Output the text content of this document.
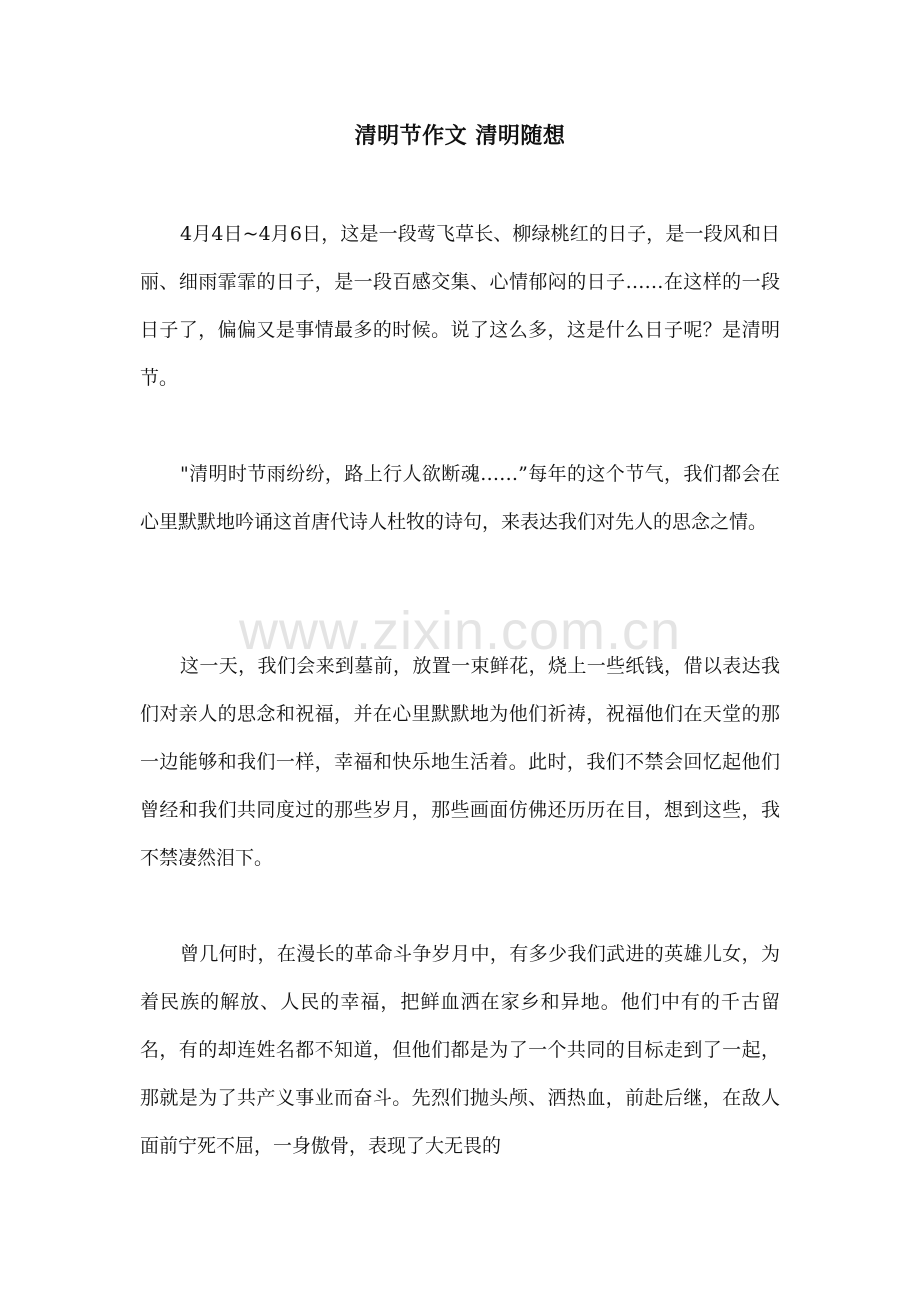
清明节作文 清明随想

4月4日~4月6日，这是一段莺飞草长、柳绿桃红的日子，是一段风和日丽、细雨霏霏的日子，是一段百感交集、心情郁闷的日子……在这样的一段日子了，偏偏又是事情最多的时候。说了这么多，这是什么日子呢？是清明节。

"清明时节雨纷纷，路上行人欲断魂……”每年的这个节气，我们都会在心里默默地吟诵这首唐代诗人杜牧的诗句，来表达我们对先人的思念之情。

这一天，我们会来到墓前，放置一束鲜花，烧上一些纸钱，借以表达我们对亲人的思念和祝福，并在心里默默地为他们祈祷，祝福他们在天堂的那一边能够和我们一样，幸福和快乐地生活着。此时，我们不禁会回忆起他们曾经和我们共同度过的那些岁月，那些画面仿佛还历历在目，想到这些，我不禁凄然泪下。

曾几何时，在漫长的革命斗争岁月中，有多少我们武进的英雄儿女，为着民族的解放、人民的幸福，把鲜血洒在家乡和异地。他们中有的千古留名，有的却连姓名都不知道，但他们都是为了一个共同的目标走到了一起，那就是为了共产义事业而奋斗。先烈们抛头颅、洒热血，前赴后继，在敌人面前宁死不屈，一身傲骨，表现了大无畏的

www.zixin.com.cn
